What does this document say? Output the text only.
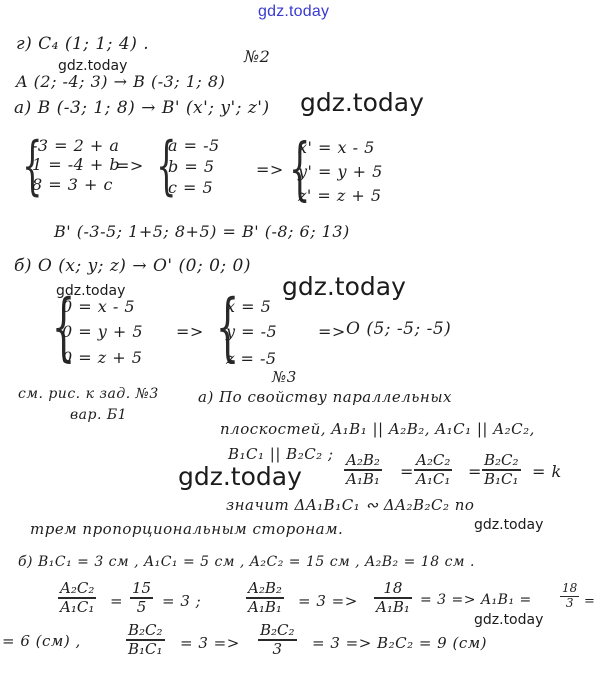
gdz.today
г) C₄ (1; 1; 4) .
№2
gdz.today
A (2; -4; 3) → B (-3; 1; 8)
а) B (-3; 1; 8) → B' (x'; y'; z') gdz.today
{
-3 = 2 + a
1 = -4 + b
8 = 3 + c
=> {
a = -5
b = 5
c = 5
=> {
x' = x - 5
y' = y + 5
z' = z + 5
B' (-3-5; 1+5; 8+5) = B' (-8; 6; 13)
б) O (x; y; z) → O' (0; 0; 0)
gdz.today
gdz.today
{
0 = x - 5
0 = y + 5
0 = z + 5
=> {
x = 5
y = -5
z = -5
=> O (5; -5; -5)
№3
см. рис. к зад. №3
вар. Б1
а) По свойству параллельных
плоскостей, A₁B₁ || A₂B₂, A₁C₁ || A₂C₂,
B₁C₁ || B₂C₂ ;
gdz.today
A₂B₂
A₁B₁ =
A₂C₂
A₁C₁ =
B₂C₂
B₁C₁ = k
значит ΔA₁B₁C₁ ∾ ΔA₂B₂C₂ по
gdz.today
трем пропорциональным сторонам.
б) B₁C₁ = 3 см , A₁C₁ = 5 см , A₂C₂ = 15 см , A₂B₂ = 18 см .
A₂C₂
A₁C₁ =
15
5 = 3 ;
A₂B₂
A₁B₁ = 3 =>
18
A₁B₁ = 3 => A₁B₁ =
18
3 =
gdz.today
= 6 (см) ,
B₂C₂
B₁C₁ = 3 =>
B₂C₂
3 = 3 => B₂C₂ = 9 (см)
